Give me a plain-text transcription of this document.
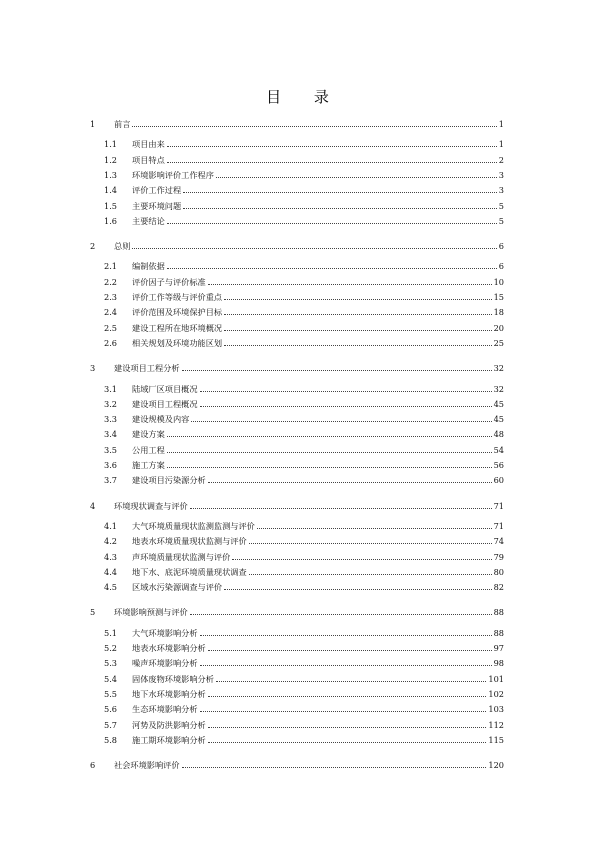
目 录
1	前言	1
1.1	项目由来	1
1.2	项目特点	2
1.3	环境影响评价工作程序	3
1.4	评价工作过程	3
1.5	主要环境问题	5
1.6	主要结论	5
2	总则	6
2.1	编制依据	6
2.2	评价因子与评价标准	10
2.3	评价工作等级与评价重点	15
2.4	评价范围及环境保护目标	18
2.5	建设工程所在地环境概况	20
2.6	相关规划及环境功能区划	25
3	建设项目工程分析	32
3.1	陆域厂区项目概况	32
3.2	建设项目工程概况	45
3.3	建设规模及内容	45
3.4	建设方案	48
3.5	公用工程	54
3.6	施工方案	56
3.7	建设项目污染源分析	60
4	环境现状调查与评价	71
4.1	大气环境质量现状监测监测与评价	71
4.2	地表水环境质量现状监测与评价	74
4.3	声环境质量现状监测与评价	79
4.4	地下水、底泥环境质量现状调查	80
4.5	区域水污染源调查与评价	82
5	环境影响预测与评价	88
5.1	大气环境影响分析	88
5.2	地表水环境影响分析	97
5.3	噪声环境影响分析	98
5.4	固体废物环境影响分析	101
5.5	地下水环境影响分析	102
5.6	生态环境影响分析	103
5.7	河势及防洪影响分析	112
5.8	施工期环境影响分析	115
6	社会环境影响评价	120
